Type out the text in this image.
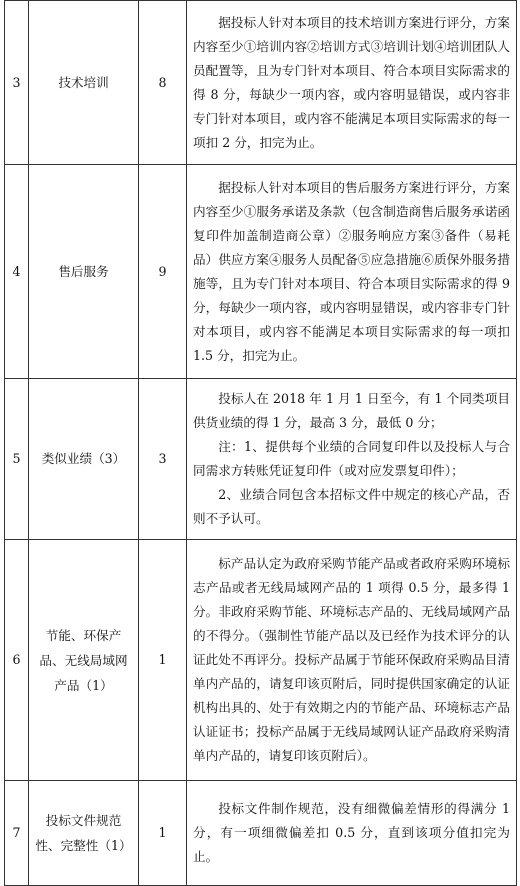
3	技术培训	8	据投标人针对本项目的技术培训方案进行评分，方案内容至少①培训内容②培训方式③培训计划④培训团队人员配置等，且为专门针对本项目、符合本项目实际需求的得 8 分，每缺少一项内容，或内容明显错误，或内容非专门针对本项目，或内容不能满足本项目实际需求的每一项扣 2 分，扣完为止。

4	售后服务	9	据投标人针对本项目的售后服务方案进行评分，方案内容至少①服务承诺及条款（包含制造商售后服务承诺函复印件加盖制造商公章）②服务响应方案③备件（易耗品）供应方案④服务人员配备⑤应急措施⑥质保外服务措施等，且为专门针对本项目、符合本项目实际需求的得 9 分，每缺少一项内容，或内容明显错误，或内容非专门针对本项目，或内容不能满足本项目实际需求的每一项扣 1.5 分，扣完为止。

5	类似业绩（3）	3	投标人在 2018 年 1 月 1 日至今，有 1 个同类项目供货业绩的得 1 分，最高 3 分，最低 0 分；
注：1、提供每个业绩的合同复印件以及投标人与合同需求方转账凭证复印件（或对应发票复印件）；
2、业绩合同包含本招标文件中规定的核心产品，否则不予认可。

6	节能、环保产品、无线局域网产品（1）	1	标产品认定为政府采购节能产品或者政府采购环境标志产品或者无线局域网产品的 1 项得 0.5 分，最多得 1 分。非政府采购节能、环境标志产品的、无线局域网产品的不得分。（强制性节能产品以及已经作为技术评分的认证此处不再评分。投标产品属于节能环保政府采购品目清单内产品的，请复印该页附后，同时提供国家确定的认证机构出具的、处于有效期之内的节能产品、环境标志产品认证证书；投标产品属于无线局域网认证产品政府采购清单内产品的，请复印该页附后）。

7	投标文件规范性、完整性（1）	1	投标文件制作规范，没有细微偏差情形的得满分 1 分，有一项细微偏差扣 0.5 分，直到该项分值扣完为止。
